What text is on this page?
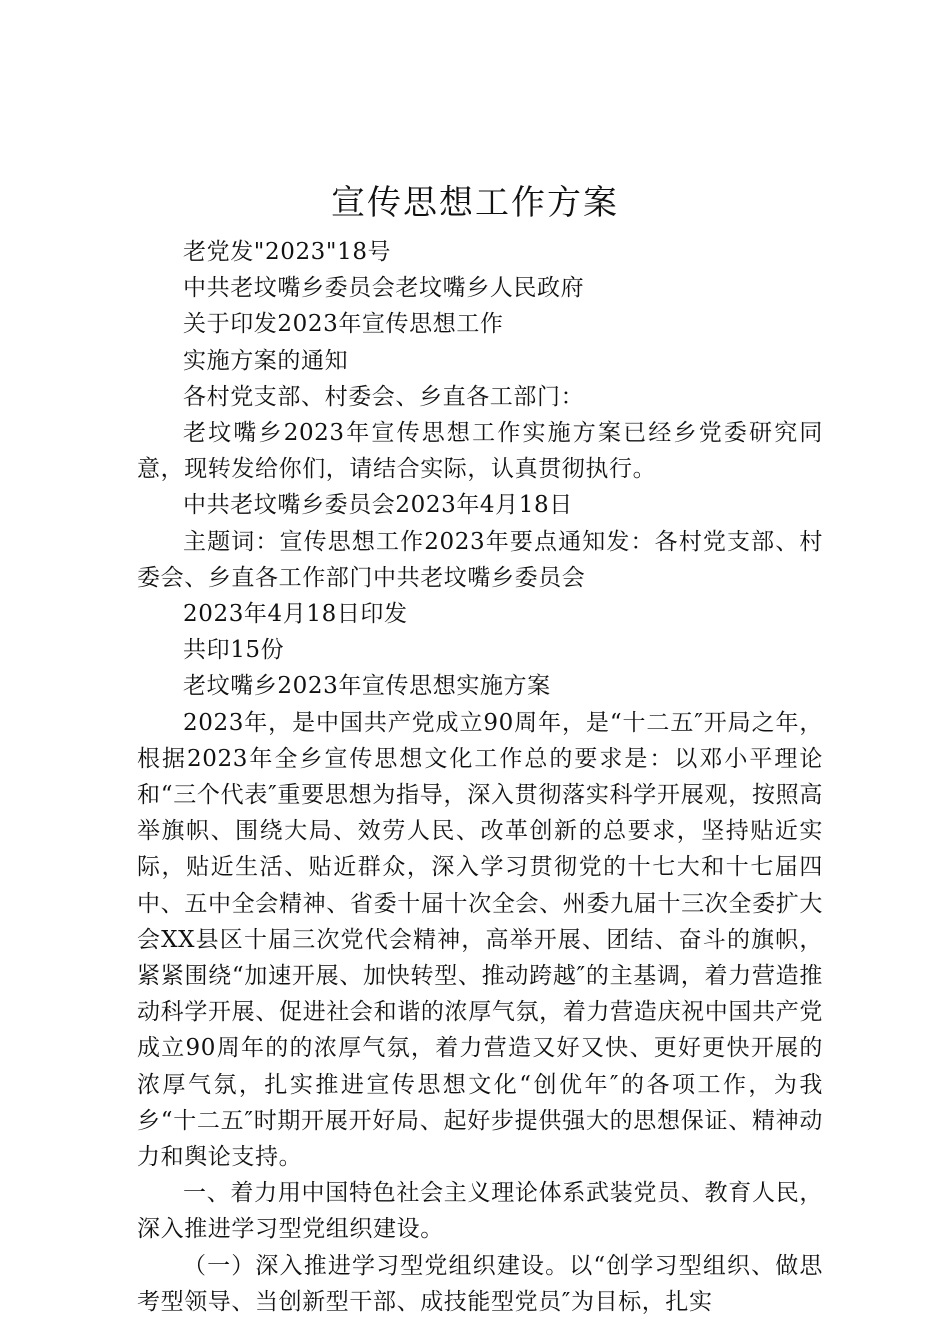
宣传思想工作方案

老党发"2023"18号

中共老坟嘴乡委员会老坟嘴乡人民政府

关于印发2023年宣传思想工作

实施方案的通知

各村党支部、村委会、乡直各工部门：

老坟嘴乡2023年宣传思想工作实施方案已经乡党委研究同意，现转发给你们，请结合实际，认真贯彻执行。

中共老坟嘴乡委员会2023年4月18日

主题词：宣传思想工作2023年要点通知发：各村党支部、村委会、乡直各工作部门中共老坟嘴乡委员会

2023年4月18日印发

共印15份

老坟嘴乡2023年宣传思想实施方案

2023年，是中国共产党成立90周年，是“十二五″开局之年，根据2023年全乡宣传思想文化工作总的要求是：以邓小平理论和“三个代表″重要思想为指导，深入贯彻落实科学开展观，按照高举旗帜、围绕大局、效劳人民、改革创新的总要求，坚持贴近实际，贴近生活、贴近群众，深入学习贯彻党的十七大和十七届四中、五中全会精神、省委十届十次全会、州委九届十三次全委扩大会XX县区十届三次党代会精神，高举开展、团结、奋斗的旗帜，紧紧围绕“加速开展、加快转型、推动跨越″的主基调，着力营造推动科学开展、促进社会和谐的浓厚气氛，着力营造庆祝中国共产党成立90周年的的浓厚气氛，着力营造又好又快、更好更快开展的浓厚气氛，扎实推进宣传思想文化“创优年″的各项工作，为我乡“十二五″时期开展开好局、起好步提供强大的思想保证、精神动力和舆论支持。

一、着力用中国特色社会主义理论体系武装党员、教育人民，深入推进学习型党组织建设。

（一）深入推进学习型党组织建设。以“创学习型组织、做思考型领导、当创新型干部、成技能型党员″为目标，扎实
